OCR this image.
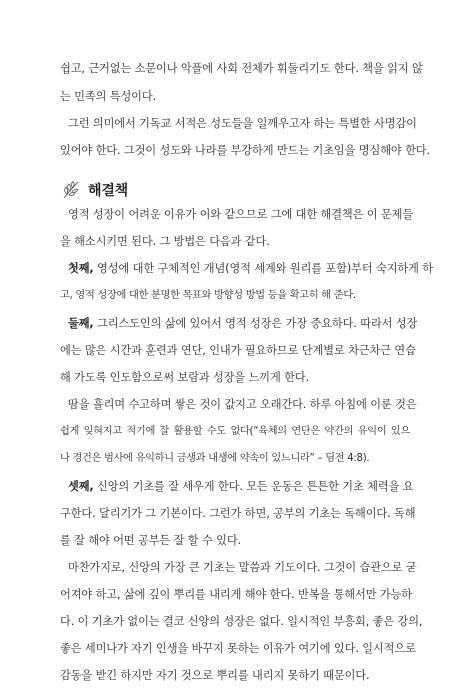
쉽고, 근거없는 소문이나 악플에 사회 전체가 휘둘리기도 한다. 책을 읽지 않
는 민족의 특성이다.
그런 의미에서 기독교 서적은 성도들을 일깨우고자 하는 특별한 사명감이
있어야 한다. 그것이 성도와 나라를 부강하게 만드는 기초임을 명심해야 한다.
해결책
영적 성장이 어려운 이유가 이와 같으므로 그에 대한 해결책은 이 문제들
을 해소시키면 된다. 그 방법은 다음과 같다.
첫째, 영성에 대한 구체적인 개념(영적 세계와 원리를 포함)부터 숙지하게 하
고, 영적 성장에 대한 분명한 목표와 방향성 방법 등을 확고히 해 준다.
둘째, 그리스도인의 삶에 있어서 영적 성장은 가장 중요하다. 따라서 성장
에는 많은 시간과 훈련과 연단, 인내가 필요하므로 단계별로 차근차근 연습
해 가도록 인도함으로써 보람과 성장을 느끼게 한다.
땀을 흘리며 수고하며 쌓은 것이 값지고 오래간다. 하루 아침에 이룬 것은
쉽게 잊혀지고 적기에 잘 활용할 수도 없다(“육체의 연단은 약간의 유익이 있으
나 경건은 범사에 유익하니 금생과 내생에 약속이 있느니라” – 딤전 4:8).
셋째, 신앙의 기초를 잘 세우게 한다. 모든 운동은 튼튼한 기초 체력을 요
구한다. 달리기가 그 기본이다. 그런가 하면, 공부의 기초는 독해이다. 독해
를 잘 해야 어떤 공부든 잘 할 수 있다.
마찬가지로, 신앙의 가장 큰 기초는 말씀과 기도이다. 그것이 습관으로 굳
어져야 하고, 삶에 깊이 뿌리를 내리게 해야 한다. 반복을 통해서만 가능하
다. 이 기초가 없이는 결코 신앙의 성장은 없다. 일시적인 부흥회, 좋은 강의,
좋은 세미나가 자기 인생을 바꾸지 못하는 이유가 여기에 있다. 일시적으로
감동을 받긴 하지만 자기 것으로 뿌리를 내리지 못하기 때문이다.
